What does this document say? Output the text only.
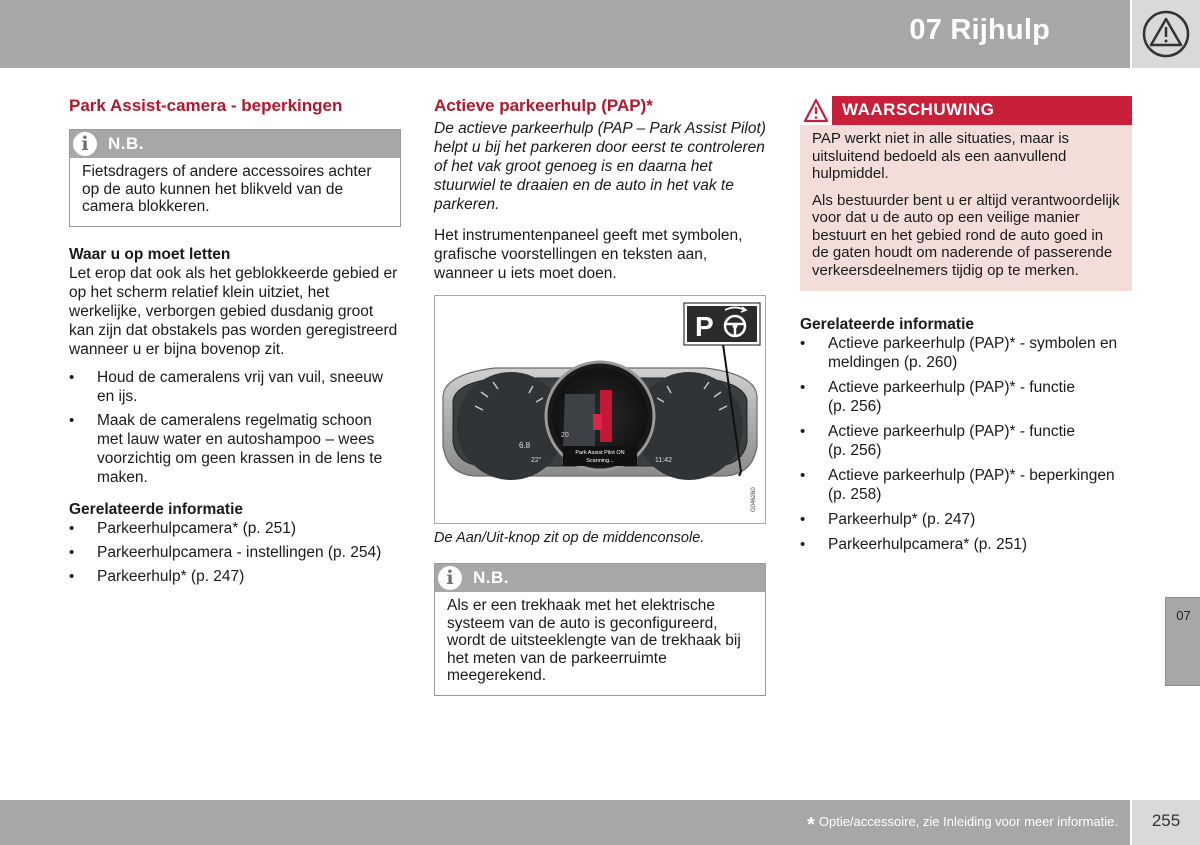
07 Rijhulp
Park Assist-camera - beperkingen
i	N.B.
Fietsdragers of andere accessoires achter op de auto kunnen het blikveld van de camera blokkeren.
Waar u op moet letten

Let erop dat ook als het geblokkeerde gebied er op het scherm relatief klein uitziet, het werkelijke, verborgen gebied dusdanig groot kan zijn dat obstakels pas worden geregistreerd wanneer u er bijna bovenop zit.

• Houd de cameralens vrij van vuil, sneeuw en ijs.
• Maak de cameralens regelmatig schoon met lauw water en autoshampoo – wees voorzichtig om geen krassen in de lens te maken.
Gerelateerde informatie
• Parkeerhulpcamera* (p. 251)
• Parkeerhulpcamera - instellingen (p. 254)
• Parkeerhulp* (p. 247)
Actieve parkeerhulp (PAP)*

De actieve parkeerhulp (PAP – Park Assist Pilot) helpt u bij het parkeren door eerst te controleren of het vak groot genoeg is en daarna het stuurwiel te draaien en de auto in het vak te parkeren.

Het instrumentenpaneel geeft met symbolen, grafische voorstellingen en teksten aan, wanneer u iets moet doen.

6.8
22°	11:42
20
Park Assist Pilot ON
Scanning...
P
G046260

De Aan/Uit-knop zit op de middenconsole.

i	N.B.
Als er een trekhaak met het elektrische systeem van de auto is geconfigureerd, wordt de uitsteeklengte van de trekhaak bij het meten van de parkeerruimte meegerekend.
WAARSCHUWING

PAP werkt niet in alle situaties, maar is uitsluitend bedoeld als een aanvullend hulpmiddel.

Als bestuurder bent u er altijd verantwoordelijk voor dat u de auto op een veilige manier bestuurt en het gebied rond de auto goed in de gaten houdt om naderende of passerende verkeersdeelnemers tijdig op te merken.

Gerelateerde informatie
• Actieve parkeerhulp (PAP)* - symbolen en meldingen (p. 260)
• Actieve parkeerhulp (PAP)* - functie (p. 256)
• Actieve parkeerhulp (PAP)* - functie (p. 256)
• Actieve parkeerhulp (PAP)* - beperkingen (p. 258)
• Parkeerhulp* (p. 247)
• Parkeerhulpcamera* (p. 251)
07
* Optie/accessoire, zie Inleiding voor meer informatie.	255
